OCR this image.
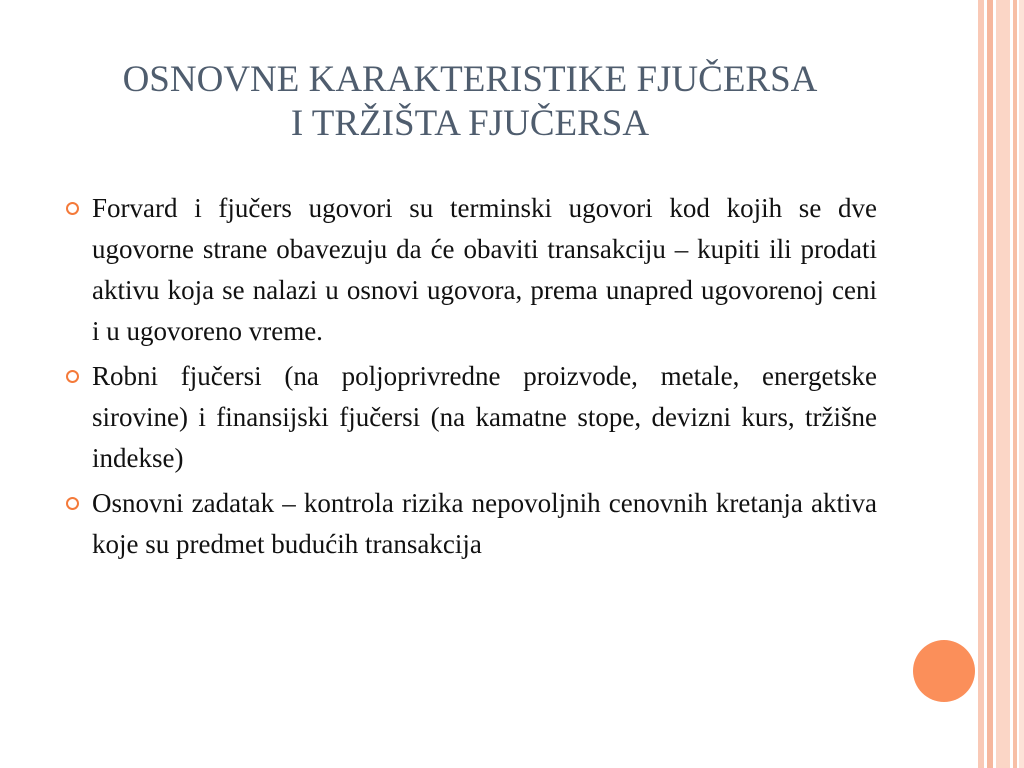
OSNOVNE KARAKTERISTIKE FJUČERSA
I TRŽIŠTA FJUČERSA
Forvard i fjučers ugovori su terminski ugovori kod kojih se dve ugovorne strane obavezuju da će obaviti transakciju – kupiti ili prodati aktivu koja se nalazi u osnovi ugovora, prema unapred ugovorenoj ceni i u ugovoreno vreme.
Robni fjučersi (na poljoprivredne proizvode, metale, energetske sirovine) i finansijski fjučersi (na kamatne stope, devizni kurs, tržišne indekse)
Osnovni zadatak – kontrola rizika nepovoljnih cenovnih kretanja aktiva koje su predmet budućih transakcija
